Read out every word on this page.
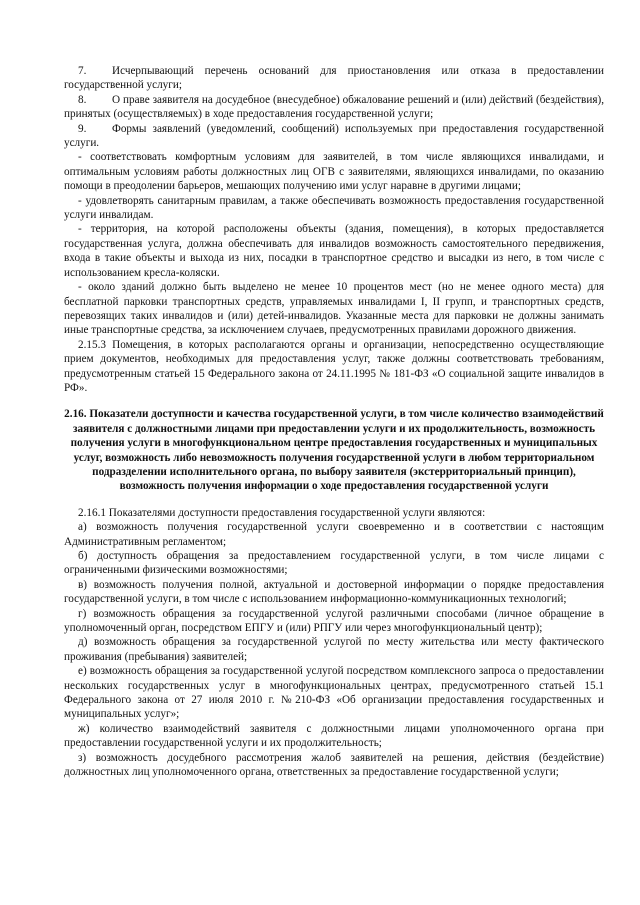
7. Исчерпывающий перечень оснований для приостановления или отказа в предоставлении государственной услуги;

8. О праве заявителя на досудебное (внесудебное) обжалование решений и (или) действий (бездействия), принятых (осуществляемых) в ходе предоставления государственной услуги;

9. Формы заявлений (уведомлений, сообщений) используемых при предоставления государственной услуги.

- соответствовать комфортным условиям для заявителей, в том числе являющихся инвалидами, и оптимальным условиям работы должностных лиц ОГВ с заявителями, являющихся инвалидами, по оказанию помощи в преодолении барьеров, мешающих получению ими услуг наравне в другими лицами;

- удовлетворять санитарным правилам, а также обеспечивать возможность предоставления государственной услуги инвалидам.

- территория, на которой расположены объекты (здания, помещения), в которых предоставляется государственная услуга, должна обеспечивать для инвалидов возможность самостоятельного передвижения, входа в такие объекты и выхода из них, посадки в транспортное средство и высадки из него, в том числе с использованием кресла-коляски.

- около зданий должно быть выделено не менее 10 процентов мест (но не менее одного места) для бесплатной парковки транспортных средств, управляемых инвалидами I, II групп, и транспортных средств, перевозящих таких инвалидов и (или) детей-инвалидов. Указанные места для парковки не должны занимать иные транспортные средства, за исключением случаев, предусмотренных правилами дорожного движения.

2.15.3 Помещения, в которых располагаются органы и организации, непосредственно осуществляющие прием документов, необходимых для предоставления услуг, также должны соответствовать требованиям, предусмотренным статьей 15 Федерального закона от 24.11.1995 № 181-ФЗ «О социальной защите инвалидов в РФ».

2.16. Показатели доступности и качества государственной услуги, в том числе количество взаимодействий заявителя с должностными лицами при предоставлении услуги и их продолжительность, возможность получения услуги в многофункциональном центре предоставления государственных и муниципальных услуг, возможность либо невозможность получения государственной услуги в любом территориальном подразделении исполнительного органа, по выбору заявителя (экстерриториальный принцип), возможность получения информации о ходе предоставления государственной услуги

2.16.1 Показателями доступности предоставления государственной услуги являются:

а) возможность получения государственной услуги своевременно и в соответствии с настоящим Административным регламентом;

б) доступность обращения за предоставлением государственной услуги, в том числе лицами с ограниченными физическими возможностями;

в) возможность получения полной, актуальной и достоверной информации о порядке предоставления государственной услуги, в том числе с использованием информационно-коммуникационных технологий;

г) возможность обращения за государственной услугой различными способами (личное обращение в уполномоченный орган, посредством ЕПГУ и (или) РПГУ или через многофункциональный центр);

д) возможность обращения за государственной услугой по месту жительства или месту фактического проживания (пребывания) заявителей;

е) возможность обращения за государственной услугой посредством комплексного запроса о предоставлении нескольких государственных услуг в многофункциональных центрах, предусмотренного статьей 15.1 Федерального закона от 27 июля 2010 г. №210-ФЗ «Об организации предоставления государственных и муниципальных услуг»;

ж) количество взаимодействий заявителя с должностными лицами уполномоченного органа при предоставлении государственной услуги и их продолжительность;

з) возможность досудебного рассмотрения жалоб заявителей на решения, действия (бездействие) должностных лиц уполномоченного органа, ответственных за предоставление государственной услуги;
